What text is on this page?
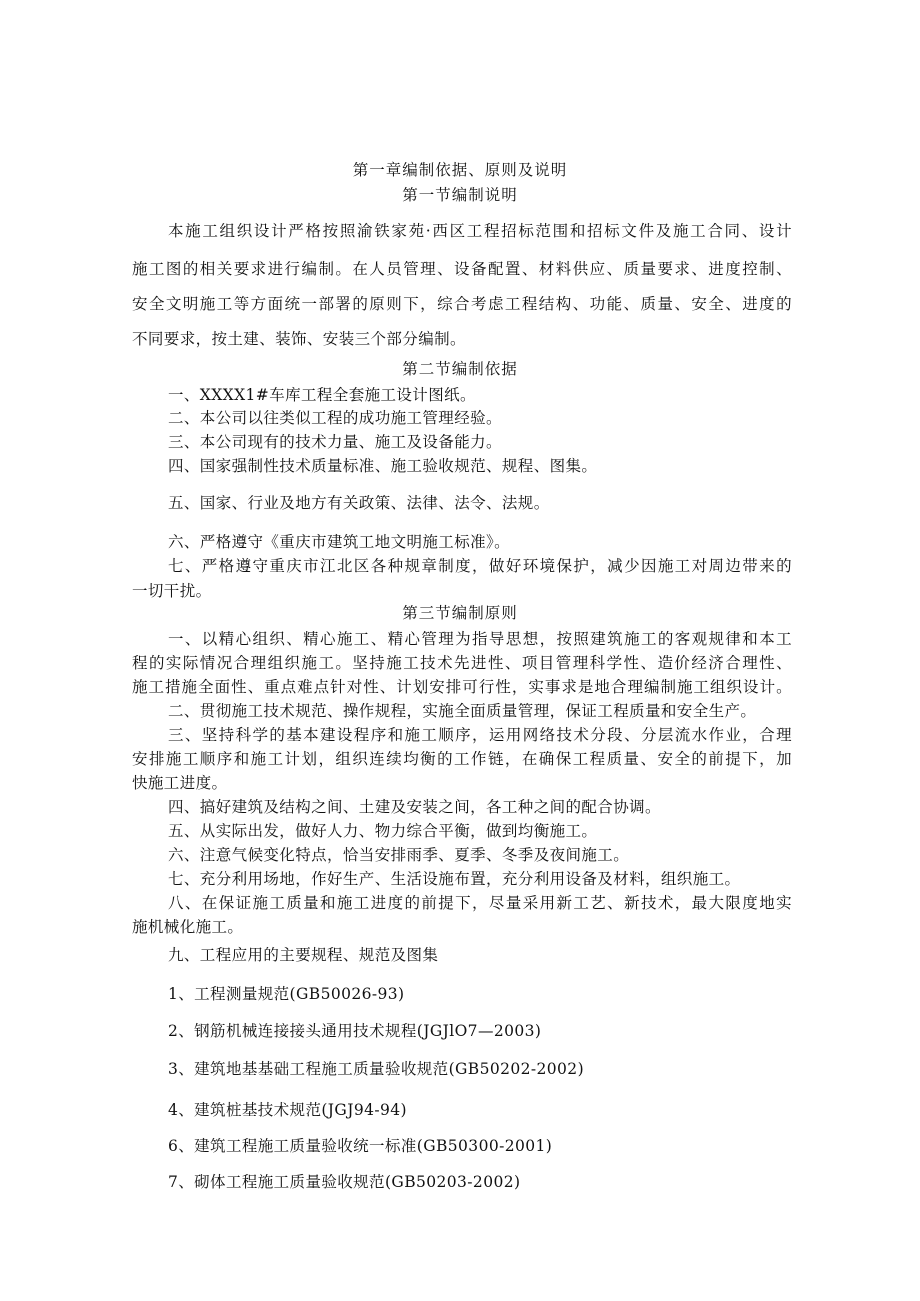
第一章编制依据、原则及说明
第一节编制说明
本施工组织设计严格按照渝铁家苑·西区工程招标范围和招标文件及施工合同、设计
施工图的相关要求进行编制。在人员管理、设备配置、材料供应、质量要求、进度控制、
安全文明施工等方面统一部署的原则下，综合考虑工程结构、功能、质量、安全、进度的
不同要求，按土建、装饰、安装三个部分编制。
第二节编制依据
一、XXXX1#车库工程全套施工设计图纸。
二、本公司以往类似工程的成功施工管理经验。
三、本公司现有的技术力量、施工及设备能力。
四、国家强制性技术质量标准、施工验收规范、规程、图集。
五、国家、行业及地方有关政策、法律、法令、法规。
六、严格遵守《重庆市建筑工地文明施工标准》。
七、严格遵守重庆市江北区各种规章制度，做好环境保护，减少因施工对周边带来的
一切干扰。
第三节编制原则
一、以精心组织、精心施工、精心管理为指导思想，按照建筑施工的客观规律和本工
程的实际情况合理组织施工。坚持施工技术先进性、项目管理科学性、造价经济合理性、
施工措施全面性、重点难点针对性、计划安排可行性，实事求是地合理编制施工组织设计。
二、贯彻施工技术规范、操作规程，实施全面质量管理，保证工程质量和安全生产。
三、坚持科学的基本建设程序和施工顺序，运用网络技术分段、分层流水作业，合理
安排施工顺序和施工计划，组织连续均衡的工作链，在确保工程质量、安全的前提下，加
快施工进度。
四、搞好建筑及结构之间、土建及安装之间，各工种之间的配合协调。
五、从实际出发，做好人力、物力综合平衡，做到均衡施工。
六、注意气候变化特点，恰当安排雨季、夏季、冬季及夜间施工。
七、充分利用场地，作好生产、生活设施布置，充分利用设备及材料，组织施工。
八、在保证施工质量和施工进度的前提下，尽量采用新工艺、新技术，最大限度地实
施机械化施工。
九、工程应用的主要规程、规范及图集
1、工程测量规范(GB50026-93)
2、钢筋机械连接接头通用技术规程(JGJlO7—2003)
3、建筑地基基础工程施工质量验收规范(GB50202-2002)
4、建筑桩基技术规范(JGJ94-94)
6、建筑工程施工质量验收统一标准(GB50300-2001)
7、砌体工程施工质量验收规范(GB50203-2002)
